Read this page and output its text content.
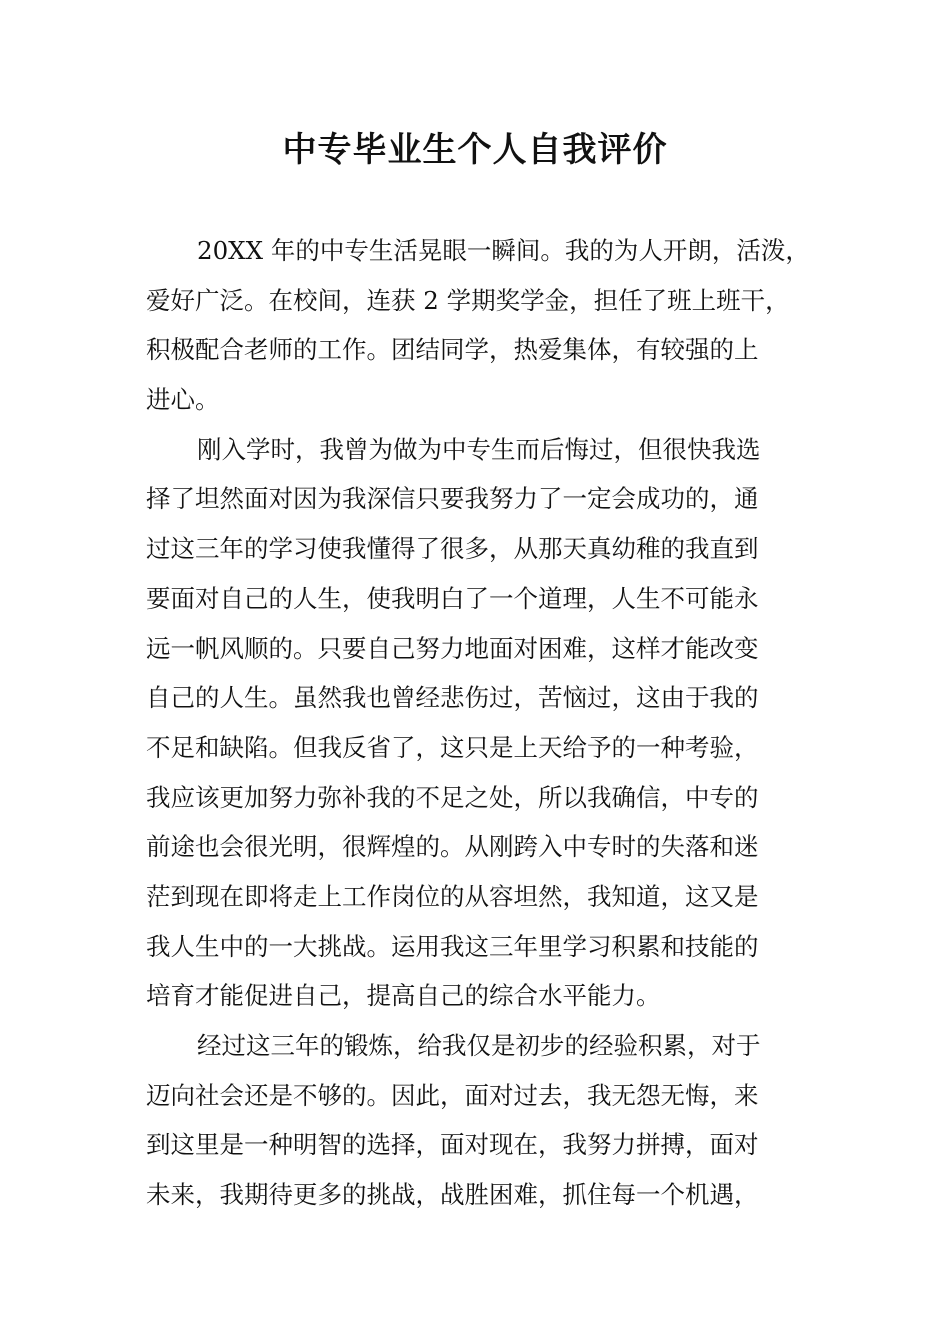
中专毕业生个人自我评价

20XX 年的中专生活晃眼一瞬间。我的为人开朗，活泼，
爱好广泛。在校间，连获 2 学期奖学金，担任了班上班干，
积极配合老师的工作。团结同学，热爱集体，有较强的上
进心。

刚入学时，我曾为做为中专生而后悔过，但很快我选
择了坦然面对因为我深信只要我努力了一定会成功的，通
过这三年的学习使我懂得了很多，从那天真幼稚的我直到
要面对自己的人生，使我明白了一个道理，人生不可能永
远一帆风顺的。只要自己努力地面对困难，这样才能改变
自己的人生。虽然我也曾经悲伤过，苦恼过，这由于我的
不足和缺陷。但我反省了，这只是上天给予的一种考验，
我应该更加努力弥补我的不足之处，所以我确信，中专的
前途也会很光明，很辉煌的。从刚跨入中专时的失落和迷
茫到现在即将走上工作岗位的从容坦然，我知道，这又是
我人生中的一大挑战。运用我这三年里学习积累和技能的
培育才能促进自己，提高自己的综合水平能力。

经过这三年的锻炼，给我仅是初步的经验积累，对于
迈向社会还是不够的。因此，面对过去，我无怨无悔，来
到这里是一种明智的选择，面对现在，我努力拼搏，面对
未来，我期待更多的挑战，战胜困难，抓住每一个机遇，
